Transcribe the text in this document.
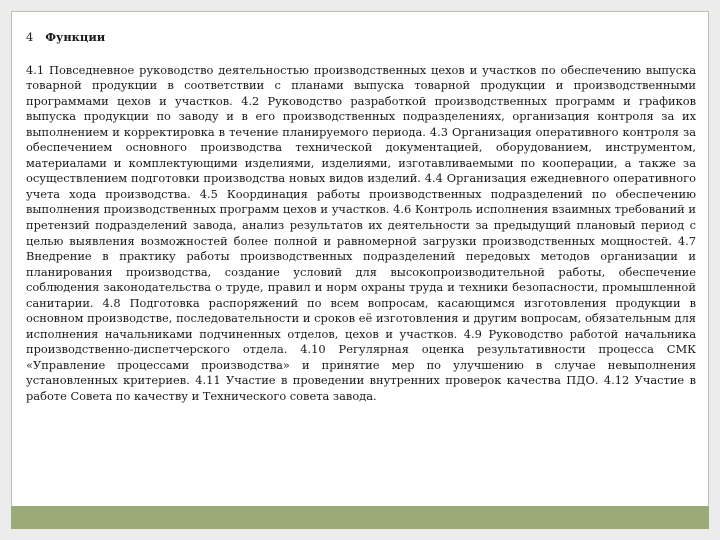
4 Функции

4.1 Повседневное руководство деятельностью производственных цехов и участков по обеспечению выпуска товарной продукции в соответствии с планами выпуска товарной продукции и производственными программами цехов и участков. 4.2 Руководство разработкой производственных программ и графиков выпуска продукции по заводу и в его производственных подразделениях, организация контроля за их выполнением и корректировка в течение планируемого периода. 4.3 Организация оперативного контроля за обеспечением основного производства технической документацией, оборудованием, инструментом, материалами и комплектующими изделиями, изделиями, изготавливаемыми по кооперации, а также за осуществлением подготовки производства новых видов изделий. 4.4 Организация ежедневного оперативного учета хода производства. 4.5 Координация работы производственных подразделений по обеспечению выполнения производственных программ цехов и участков. 4.6 Контроль исполнения взаимных требований и претензий подразделений завода, анализ результатов их деятельности за предыдущий плановый период с целью выявления возможностей более полной и равномерной загрузки производственных мощностей. 4.7 Внедрение в практику работы производственных подразделений передовых методов организации и планирования производства, создание условий для высокопроизводительной работы, обеспечение соблюдения законодательства о труде, правил и норм охраны труда и техники безопасности, промышленной санитарии. 4.8 Подготовка распоряжений по всем вопросам, касающимся изготовления продукции в основном производстве, последовательности и сроков её изготовления и другим вопросам, обязательным для исполнения начальниками подчиненных отделов, цехов и участков. 4.9 Руководство работой начальника производственно-диспетчерского отдела. 4.10 Регулярная оценка результативности процесса СМК «Управление процессами производства» и принятие мер по улучшению в случае невыполнения установленных критериев. 4.11 Участие в проведении внутренних проверок качества ПДО. 4.12 Участие в работе Совета по качеству и Технического совета завода.
